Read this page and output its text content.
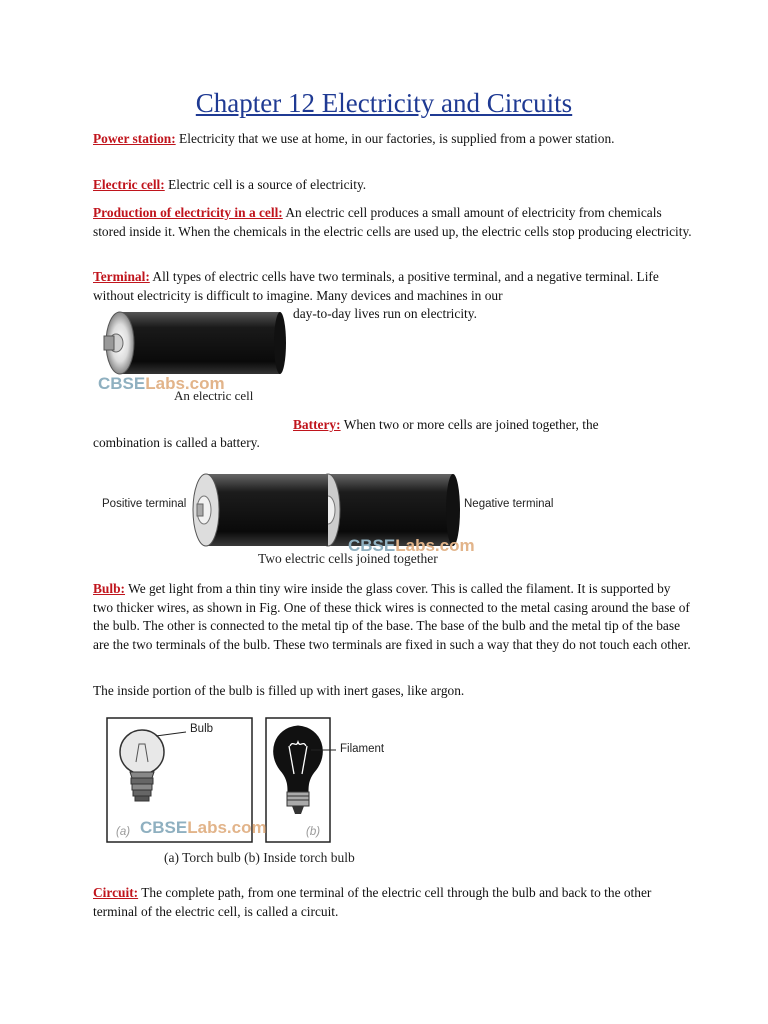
Chapter 12 Electricity and Circuits

Power station: Electricity that we use at home, in our factories, is supplied from a power station.

Electric cell: Electric cell is a source of electricity.

Production of electricity in a cell: An electric cell produces a small amount of electricity from chemicals stored inside it. When the chemicals in the electric cells are used up, the electric cells stop producing electricity.

Terminal: All types of electric cells have two terminals, a positive terminal, and a negative terminal. Life without electricity is difficult to imagine. Many devices and machines in our

day-to-day lives run on electricity.

CBSELabs.com
An electric cell

Battery: When two or more cells are joined together, the

combination is called a battery.

Positive terminal	Negative terminal
CBSELabs.com
Two electric cells joined together

Bulb: We get light from a thin tiny wire inside the glass cover. This is called the filament. It is supported by two thicker wires, as shown in Fig. One of these thick wires is connected to the metal casing around the base of the bulb. The other is connected to the metal tip of the base. The base of the bulb and the metal tip of the base are the two terminals of the bulb. These two terminals are fixed in such a way that they do not touch each other.

The inside portion of the bulb is filled up with inert gases, like argon.

Bulb
Filament
(a)	(b)
CBSELabs.com
(a) Torch bulb (b) Inside torch bulb

Circuit: The complete path, from one terminal of the electric cell through the bulb and back to the other terminal of the electric cell, is called a circuit.
